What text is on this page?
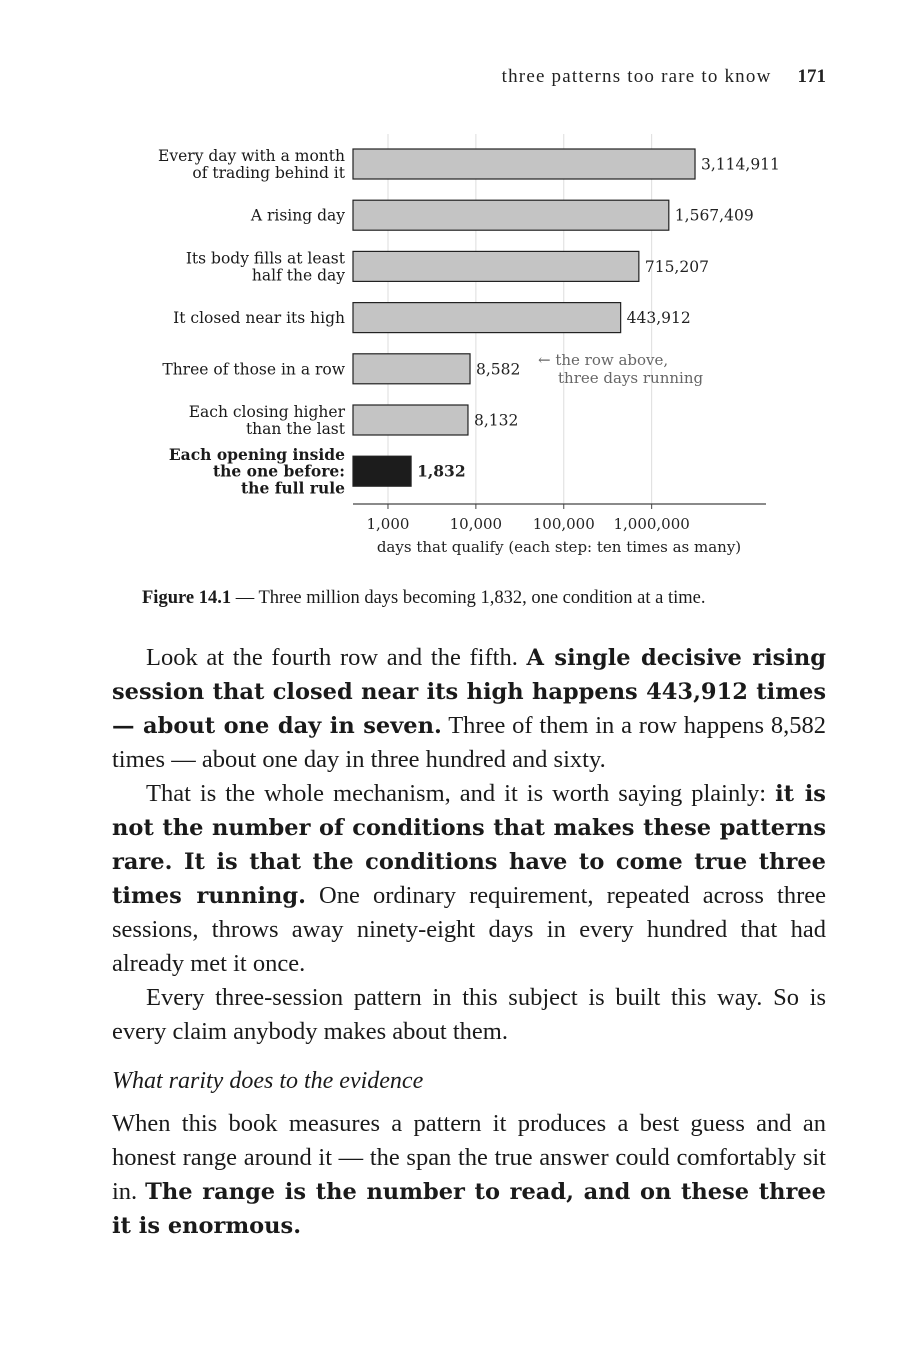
three patterns too rare to know 171
3,114,911
1,567,409
715,207
443,912
8,582
← the row above,
three days running
8,132
1,832
Every day with a month
of trading behind it
A rising day
Its body fills at least
half the day
It closed near its high
Three of those in a row
Each closing higher
than the last
Each opening inside
the one before:
the full rule
1,000	10,000 100,000 1,000,000
days that qualify (each step: ten times as many)
Figure 14.1 — Three million days becoming 1,832, one condition at a time.

Look at the fourth row and the fifth. A single decisive rising session that closed near its high happens 443,912 times — about one day in seven. Three of them in a row happens 8,582 times — about one day in three hundred and sixty.

That is the whole mechanism, and it is worth saying plainly: it is not the number of conditions that makes these patterns rare. It is that the conditions have to come true three times running. One ordinary requirement, repeated across three sessions, throws away ninety-eight days in every hundred that had already met it once.

Every three-session pattern in this subject is built this way. So is every claim anybody makes about them.

What rarity does to the evidence

When this book measures a pattern it produces a best guess and an honest range around it — the span the true answer could comfortably sit in. The range is the number to read, and on these three it is enormous.
